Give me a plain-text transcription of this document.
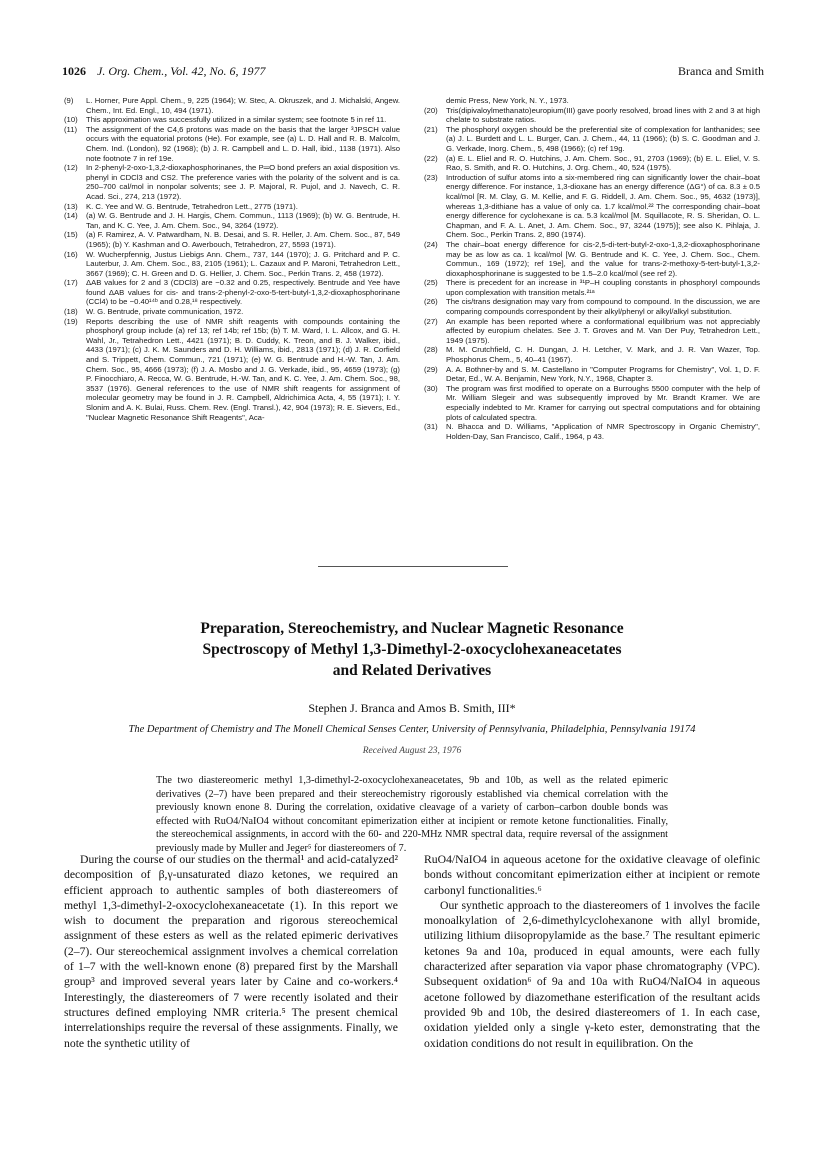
1026 J. Org. Chem., Vol. 42, No. 6, 1977	Branca and Smith
(9)	L. Horner, Pure Appl. Chem., 9, 225 (1964); W. Stec, A. Okruszek, and J. Michalski, Angew. Chem., Int. Ed. Engl., 10, 494 (1971).
(10)	This approximation was successfully utilized in a similar system; see footnote 5 in ref 11.
(11)	The assignment of the C4,6 protons was made on the basis that the larger ³JPSCH value occurs with the equatorial protons (He). For example, see (a) L. D. Hall and R. B. Malcolm, Chem. Ind. (London), 92 (1968); (b) J. R. Campbell and L. D. Hall, ibid., 1138 (1971). Also note footnote 7 in ref 19e.
(12)	In 2-phenyl-2-oxo-1,3,2-dioxaphosphorinanes, the P═O bond prefers an axial disposition vs. phenyl in CDCl3 and CS2. The preference varies with the polarity of the solvent and is ca. 250–700 cal/mol in nonpolar solvents; see J. P. Majoral, R. Pujol, and J. Navech, C. R. Acad. Sci., 274, 213 (1972).
(13)	K. C. Yee and W. G. Bentrude, Tetrahedron Lett., 2775 (1971).
(14)	(a) W. G. Bentrude and J. H. Hargis, Chem. Commun., 1113 (1969); (b) W. G. Bentrude, H. Tan, and K. C. Yee, J. Am. Chem. Soc., 94, 3264 (1972).
(15)	(a) F. Ramirez, A. V. Patwardham, N. B. Desai, and S. R. Heller, J. Am. Chem. Soc., 87, 549 (1965); (b) Y. Kashman and O. Awerbouch, Tetrahedron, 27, 5593 (1971).
(16)	W. Wucherpfennig, Justus Liebigs Ann. Chem., 737, 144 (1970); J. G. Pritchard and P. C. Lauterbur, J. Am. Chem. Soc., 83, 2105 (1961); L. Cazaux and P. Maroni, Tetrahedron Lett., 3667 (1969); C. H. Green and D. G. Hellier, J. Chem. Soc., Perkin Trans. 2, 458 (1972).
(17)	ΔAB values for 2 and 3 (CDCl3) are −0.32 and 0.25, respectively. Bentrude and Yee have found ΔAB values for cis- and trans-2-phenyl-2-oxo-5-tert-butyl-1,3,2-dioxaphosphorinane (CCl4) to be −0.40¹⁴ᵇ and 0.28,¹⁸ respectively.
(18)	W. G. Bentrude, private communication, 1972.
(19)	Reports describing the use of NMR shift reagents with compounds containing the phosphoryl group include (a) ref 13; ref 14b; ref 15b; (b) T. M. Ward, I. L. Allcox, and G. H. Wahl, Jr., Tetrahedron Lett., 4421 (1971); B. D. Cuddy, K. Treon, and B. J. Walker, ibid., 4433 (1971); (c) J. K. M. Saunders and D. H. Williams, ibid., 2813 (1971); (d) J. R. Corfield and S. Trippett, Chem. Commun., 721 (1971); (e) W. G. Bentrude and H.-W. Tan, J. Am. Chem. Soc., 95, 4666 (1973); (f) J. A. Mosbo and J. G. Verkade, ibid., 95, 4659 (1973); (g) P. Finocchiaro, A. Recca, W. G. Bentrude, H.-W. Tan, and K. C. Yee, J. Am. Chem. Soc., 98, 3537 (1976). General references to the use of NMR shift reagents for assignment of molecular geometry may be found in J. R. Campbell, Aldrichimica Acta, 4, 55 (1971); I. Y. Slonim and A. K. Bulai, Russ. Chem. Rev. (Engl. Transl.), 42, 904 (1973); R. E. Sievers, Ed., "Nuclear Magnetic Resonance Shift Reagents", Aca-
demic Press, New York, N. Y., 1973.
(20)	Tris(dipivaloylmethanato)europium(III) gave poorly resolved, broad lines with 2 and 3 at high chelate to substrate ratios.
(21)	The phosphoryl oxygen should be the preferential site of complexation for lanthanides; see (a) J. L. Burdett and L. L. Burger, Can. J. Chem., 44, 11 (1966); (b) S. C. Goodman and J. G. Verkade, Inorg. Chem., 5, 498 (1966); (c) ref 19g.
(22)	(a) E. L. Eliel and R. O. Hutchins, J. Am. Chem. Soc., 91, 2703 (1969); (b) E. L. Eliel, V. S. Rao, S. Smith, and R. O. Hutchins, J. Org. Chem., 40, 524 (1975).
(23)	Introduction of sulfur atoms into a six-membered ring can significantly lower the chair–boat energy difference. For instance, 1,3-dioxane has an energy difference (ΔG°) of ca. 8.3 ± 0.5 kcal/mol [R. M. Clay, G. M. Kellie, and F. G. Riddell, J. Am. Chem. Soc., 95, 4632 (1973)], whereas 1,3-dithiane has a value of only ca. 1.7 kcal/mol.²² The corresponding chair–boat energy difference for cyclohexane is ca. 5.3 kcal/mol [M. Squillacote, R. S. Sheridan, O. L. Chapman, and F. A. L. Anet, J. Am. Chem. Soc., 97, 3244 (1975)]; see also K. Pihlaja, J. Chem. Soc., Perkin Trans. 2, 890 (1974).
(24)	The chair–boat energy difference for cis-2,5-di-tert-butyl-2-oxo-1,3,2-dioxaphosphorinane may be as low as ca. 1 kcal/mol [W. G. Bentrude and K. C. Yee, J. Chem. Soc., Chem. Commun., 169 (1972); ref 19e], and the value for trans-2-methoxy-5-tert-butyl-1,3,2-dioxaphosphorinane is suggested to be 1.5–2.0 kcal/mol (see ref 2).
(25)	There is precedent for an increase in ³¹P–H coupling constants in phosphoryl compounds upon complexation with transition metals.²¹ᵃ
(26)	The cis/trans designation may vary from compound to compound. In the discussion, we are comparing compounds correspondent by their alkyl/phenyl or alkyl/alkyl substitution.
(27)	An example has been reported where a conformational equilibrium was not appreciably affected by europium chelates. See J. T. Groves and M. Van Der Puy, Tetrahedron Lett., 1949 (1975).
(28)	M. M. Crutchfield, C. H. Dungan, J. H. Letcher, V. Mark, and J. R. Van Wazer, Top. Phosphorus Chem., 5, 40–41 (1967).
(29)	A. A. Bothner-by and S. M. Castellano in "Computer Programs for Chemistry", Vol. 1, D. F. Detar, Ed., W. A. Benjamin, New York, N.Y., 1968, Chapter 3.
(30)	The program was first modified to operate on a Burroughs 5500 computer with the help of Mr. William Slegeir and was subsequently improved by Mr. Brandt Kramer. We are especially indebted to Mr. Kramer for carrying out spectral computations and for obtaining plots of calculated spectra.
(31)	N. Bhacca and D. Williams, "Application of NMR Spectroscopy in Organic Chemistry", Holden-Day, San Francisco, Calif., 1964, p 43.
Preparation, Stereochemistry, and Nuclear Magnetic Resonance
Spectroscopy of Methyl 1,3-Dimethyl-2-oxocyclohexaneacetates
and Related Derivatives
Stephen J. Branca and Amos B. Smith, III*
The Department of Chemistry and The Monell Chemical Senses Center, University of Pennsylvania, Philadelphia, Pennsylvania 19174
Received August 23, 1976
The two diastereomeric methyl 1,3-dimethyl-2-oxocyclohexaneacetates, 9b and 10b, as well as the related epimeric derivatives (2–7) have been prepared and their stereochemistry rigorously established via chemical correlation with the previously known enone 8. During the correlation, oxidative cleavage of a variety of carbon–carbon double bonds was effected with RuO4/NaIO4 without concomitant epimerization either at incipient or remote ketone functionalities. Finally, the stereochemical assignments, in accord with the 60- and 220-MHz NMR spectral data, require reversal of the assignment previously made by Muller and Jeger⁵ for diastereomers of 7.

During the course of our studies on the thermal¹ and acid-catalyzed² decomposition of β,γ-unsaturated diazo ketones, we required an efficient approach to authentic samples of both diastereomers of methyl 1,3-dimethyl-2-oxocyclohexaneacetate (1). In this report we wish to document the preparation and rigorous stereochemical assignment of these esters as well as the related epimeric derivatives (2–7). Our stereochemical assignment involves a chemical correlation of 1–7 with the well-known enone (8) prepared first by the Marshall group³ and improved several years later by Caine and co-workers.⁴ Interestingly, the diastereomers of 7 were recently isolated and their structures defined employing NMR criteria.⁵ The present chemical interrelationships require the reversal of these assignments. Finally, we note the synthetic utility of

RuO4/NaIO4 in aqueous acetone for the oxidative cleavage of olefinic bonds without concomitant epimerization either at incipient or remote carbonyl functionalities.⁶

Our synthetic approach to the diastereomers of 1 involves the facile monoalkylation of 2,6-dimethylcyclohexanone with allyl bromide, utilizing lithium diisopropylamide as the base.⁷ The resultant epimeric ketones 9a and 10a, produced in equal amounts, were each fully characterized after separation via vapor phase chromatography (VPC). Subsequent oxidation⁶ of 9a and 10a with RuO4/NaIO4 in aqueous acetone followed by diazomethane esterification of the resultant acids provided 9b and 10b, the desired diastereomers of 1. In each case, oxidation yielded only a single γ-keto ester, demonstrating that the oxidation conditions do not result in equilibration. On the
